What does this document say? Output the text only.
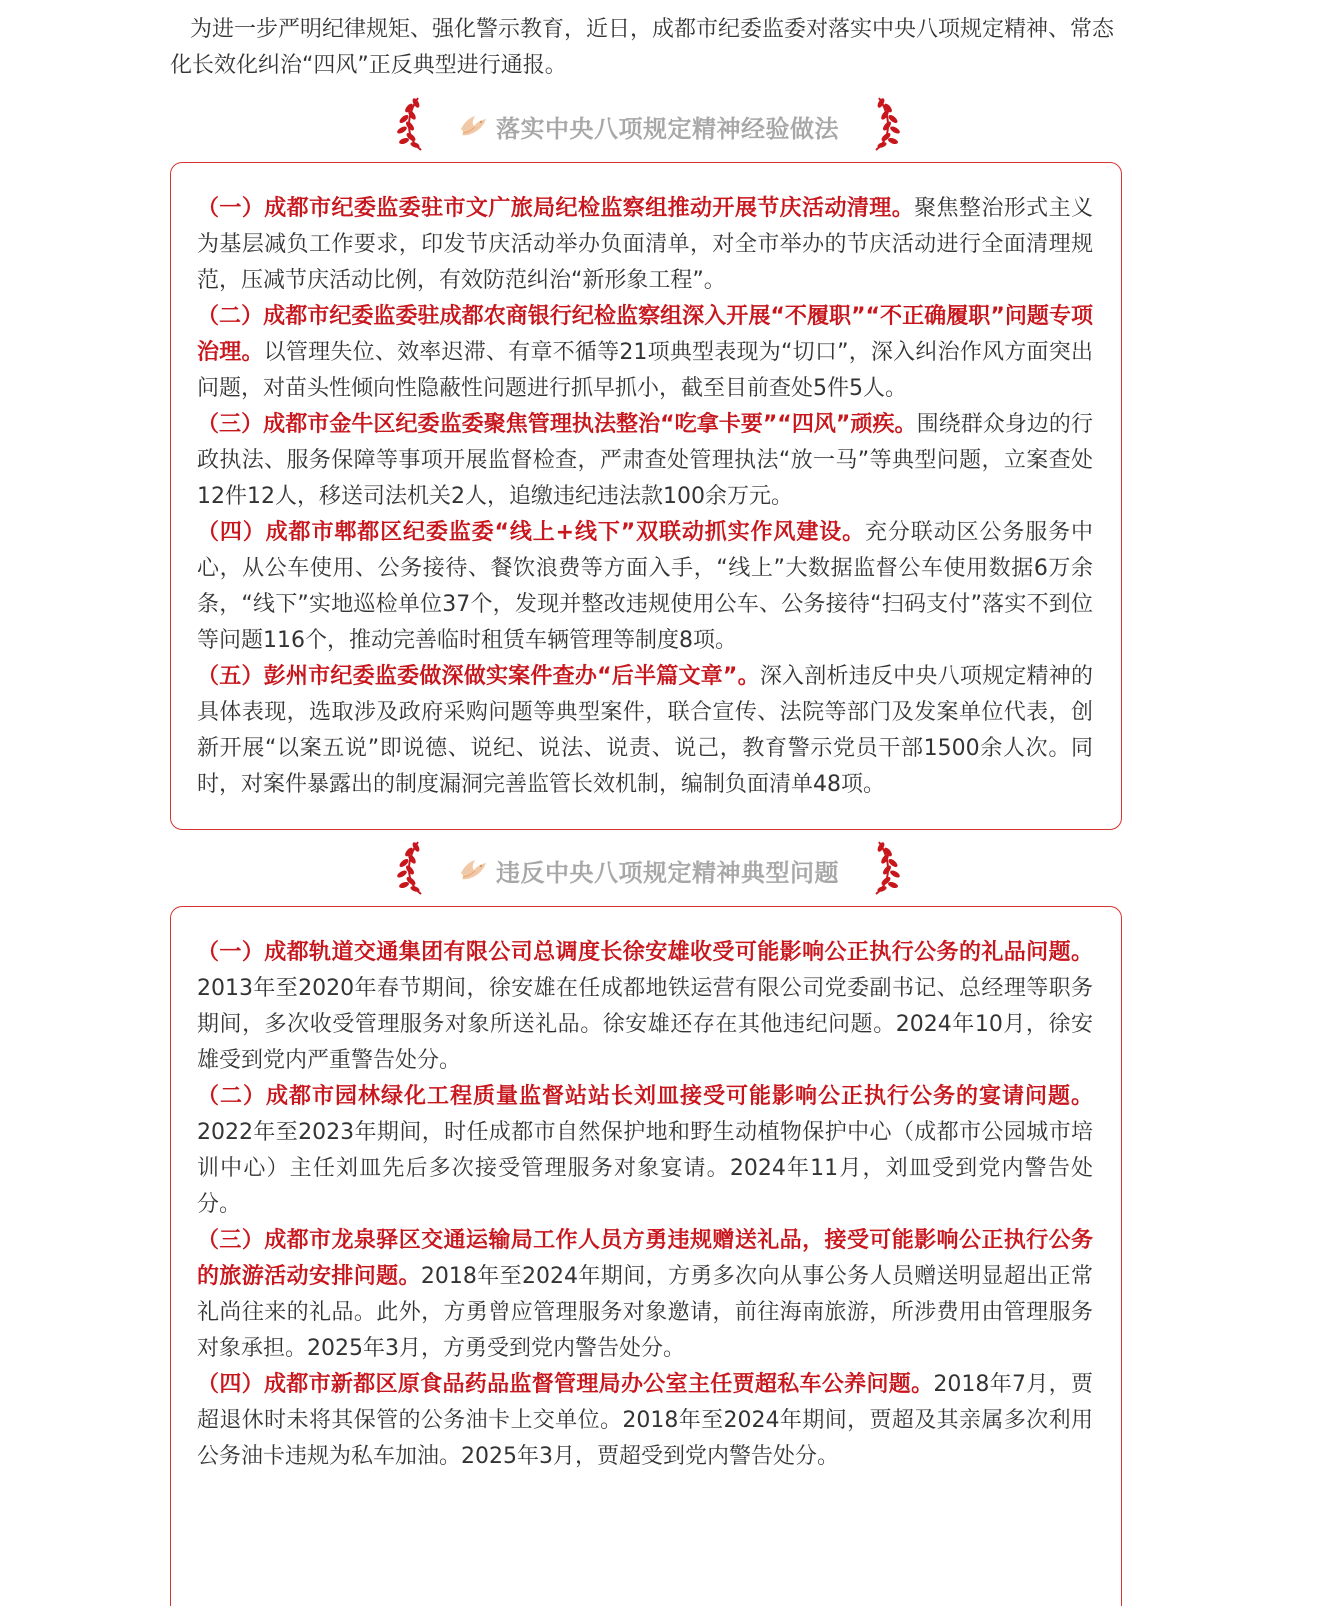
为进一步严明纪律规矩、强化警示教育，近日，成都市纪委监委对落实中央八项规定精神、常态化长效化纠治“四风”正反典型进行通报。

落实中央八项规定精神经验做法

（一）成都市纪委监委驻市文广旅局纪检监察组推动开展节庆活动清理。聚焦整治形式主义为基层减负工作要求，印发节庆活动举办负面清单，对全市举办的节庆活动进行全面清理规范，压减节庆活动比例，有效防范纠治“新形象工程”。

（二）成都市纪委监委驻成都农商银行纪检监察组深入开展“不履职”“不正确履职”问题专项治理。以管理失位、效率迟滞、有章不循等21项典型表现为“切口”，深入纠治作风方面突出问题，对苗头性倾向性隐蔽性问题进行抓早抓小，截至目前查处5件5人。

（三）成都市金牛区纪委监委聚焦管理执法整治“吃拿卡要”“四风”顽疾。围绕群众身边的行政执法、服务保障等事项开展监督检查，严肃查处管理执法“放一马”等典型问题，立案查处12件12人，移送司法机关2人，追缴违纪违法款100余万元。

（四）成都市郫都区纪委监委“线上+线下”双联动抓实作风建设。充分联动区公务服务中心，从公车使用、公务接待、餐饮浪费等方面入手，“线上”大数据监督公车使用数据6万余条，“线下”实地巡检单位37个，发现并整改违规使用公车、公务接待“扫码支付”落实不到位等问题116个，推动完善临时租赁车辆管理等制度8项。

（五）彭州市纪委监委做深做实案件查办“后半篇文章”。深入剖析违反中央八项规定精神的具体表现，选取涉及政府采购问题等典型案件，联合宣传、法院等部门及发案单位代表，创新开展“以案五说”即说德、说纪、说法、说责、说己，教育警示党员干部1500余人次。同时，对案件暴露出的制度漏洞完善监管长效机制，编制负面清单48项。

违反中央八项规定精神典型问题

（一）成都轨道交通集团有限公司总调度长徐安雄收受可能影响公正执行公务的礼品问题。2013年至2020年春节期间，徐安雄在任成都地铁运营有限公司党委副书记、总经理等职务期间，多次收受管理服务对象所送礼品。徐安雄还存在其他违纪问题。2024年10月，徐安雄受到党内严重警告处分。

（二）成都市园林绿化工程质量监督站站长刘皿接受可能影响公正执行公务的宴请问题。2022年至2023年期间，时任成都市自然保护地和野生动植物保护中心（成都市公园城市培训中心）主任刘皿先后多次接受管理服务对象宴请。2024年11月，刘皿受到党内警告处分。

（三）成都市龙泉驿区交通运输局工作人员方勇违规赠送礼品，接受可能影响公正执行公务的旅游活动安排问题。2018年至2024年期间，方勇多次向从事公务人员赠送明显超出正常礼尚往来的礼品。此外，方勇曾应管理服务对象邀请，前往海南旅游，所涉费用由管理服务对象承担。2025年3月，方勇受到党内警告处分。

（四）成都市新都区原食品药品监督管理局办公室主任贾超私车公养问题。2018年7月，贾超退休时未将其保管的公务油卡上交单位。2018年至2024年期间，贾超及其亲属多次利用公务油卡违规为私车加油。2025年3月，贾超受到党内警告处分。
